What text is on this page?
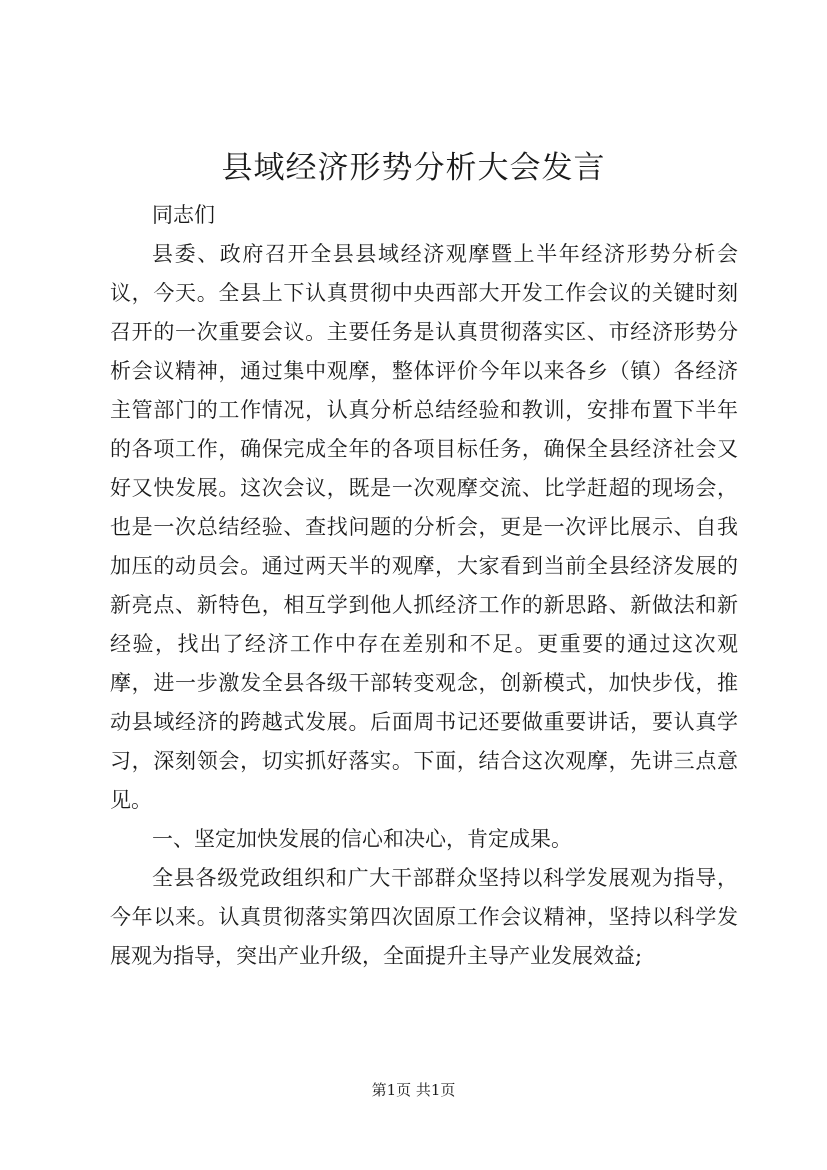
县域经济形势分析大会发言

同志们

县委、政府召开全县县域经济观摩暨上半年经济形势分析会议，今天。全县上下认真贯彻中央西部大开发工作会议的关键时刻召开的一次重要会议。主要任务是认真贯彻落实区、市经济形势分析会议精神，通过集中观摩，整体评价今年以来各乡（镇）各经济主管部门的工作情况，认真分析总结经验和教训，安排布置下半年的各项工作，确保完成全年的各项目标任务，确保全县经济社会又好又快发展。这次会议，既是一次观摩交流、比学赶超的现场会，也是一次总结经验、查找问题的分析会，更是一次评比展示、自我加压的动员会。通过两天半的观摩，大家看到当前全县经济发展的新亮点、新特色，相互学到他人抓经济工作的新思路、新做法和新经验，找出了经济工作中存在差别和不足。更重要的通过这次观摩，进一步激发全县各级干部转变观念，创新模式，加快步伐，推动县域经济的跨越式发展。后面周书记还要做重要讲话，要认真学习，深刻领会，切实抓好落实。下面，结合这次观摩，先讲三点意见。

一、坚定加快发展的信心和决心，肯定成果。

全县各级党政组织和广大干部群众坚持以科学发展观为指导，今年以来。认真贯彻落实第四次固原工作会议精神，坚持以科学发展观为指导，突出产业升级，全面提升主导产业发展效益;

第1页 共1页
